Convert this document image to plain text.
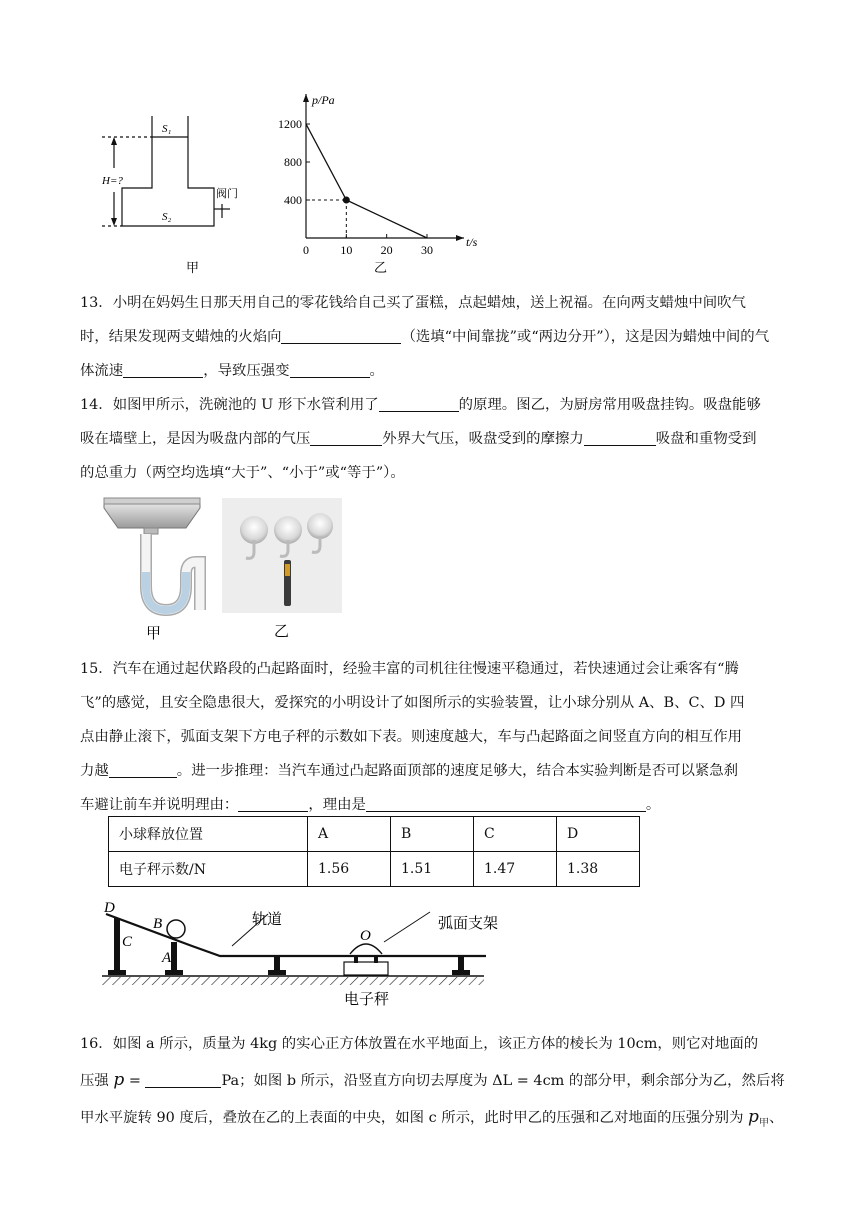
S₁
S₂
H=?
阀门
甲
1200
800
400
0	10 20 30
p/Pa
t/s
乙
13．小明在妈妈生日那天用自己的零花钱给自己买了蛋糕，点起蜡烛，送上祝福。在向两支蜡烛中间吹气
时，结果发现两支蜡烛的火焰向	（选填“中间靠拢”或“两边分开”），这是因为蜡烛中间的气
体流速	，导致压强变	。
14．如图甲所示，洗碗池的 U 形下水管利用了	的原理。图乙，为厨房常用吸盘挂钩。吸盘能够
吸在墙壁上，是因为吸盘内部的气压	外界大气压，吸盘受到的摩擦力	吸盘和重物受到
的总重力（两空均选填“大于”、“小于”或“等于”）。
甲	乙
15．汽车在通过起伏路段的凸起路面时，经验丰富的司机往往慢速平稳通过，若快速通过会让乘客有“腾
飞”的感觉，且安全隐患很大，爱探究的小明设计了如图所示的实验装置，让小球分别从 A、B、C、D 四
点由静止滚下，弧面支架下方电子秤的示数如下表。则速度越大，车与凸起路面之间竖直方向的相互作用
力越	。进一步推理：当汽车通过凸起路面顶部的速度足够大，结合本实验判断是否可以紧急刹
车避让前车并说明理由：	，理由是	。
小球释放位置	A	B	C	D
电子秤示数/N	1.56	1.51	1.47	1.38
D
C
B
A
O
轨道	弧面支架
电子秤
16．如图 a 所示，质量为 4kg 的实心正方体放置在水平地面上，该正方体的棱长为 10cm，则它对地面的
压强 p =	Pa；如图 b 所示，沿竖直方向切去厚度为 ΔL = 4cm 的部分甲，剩余部分为乙，然后将
甲水平旋转 90 度后，叠放在乙的上表面的中央，如图 c 所示，此时甲乙的压强和乙对地面的压强分别为 $p_甲$、
